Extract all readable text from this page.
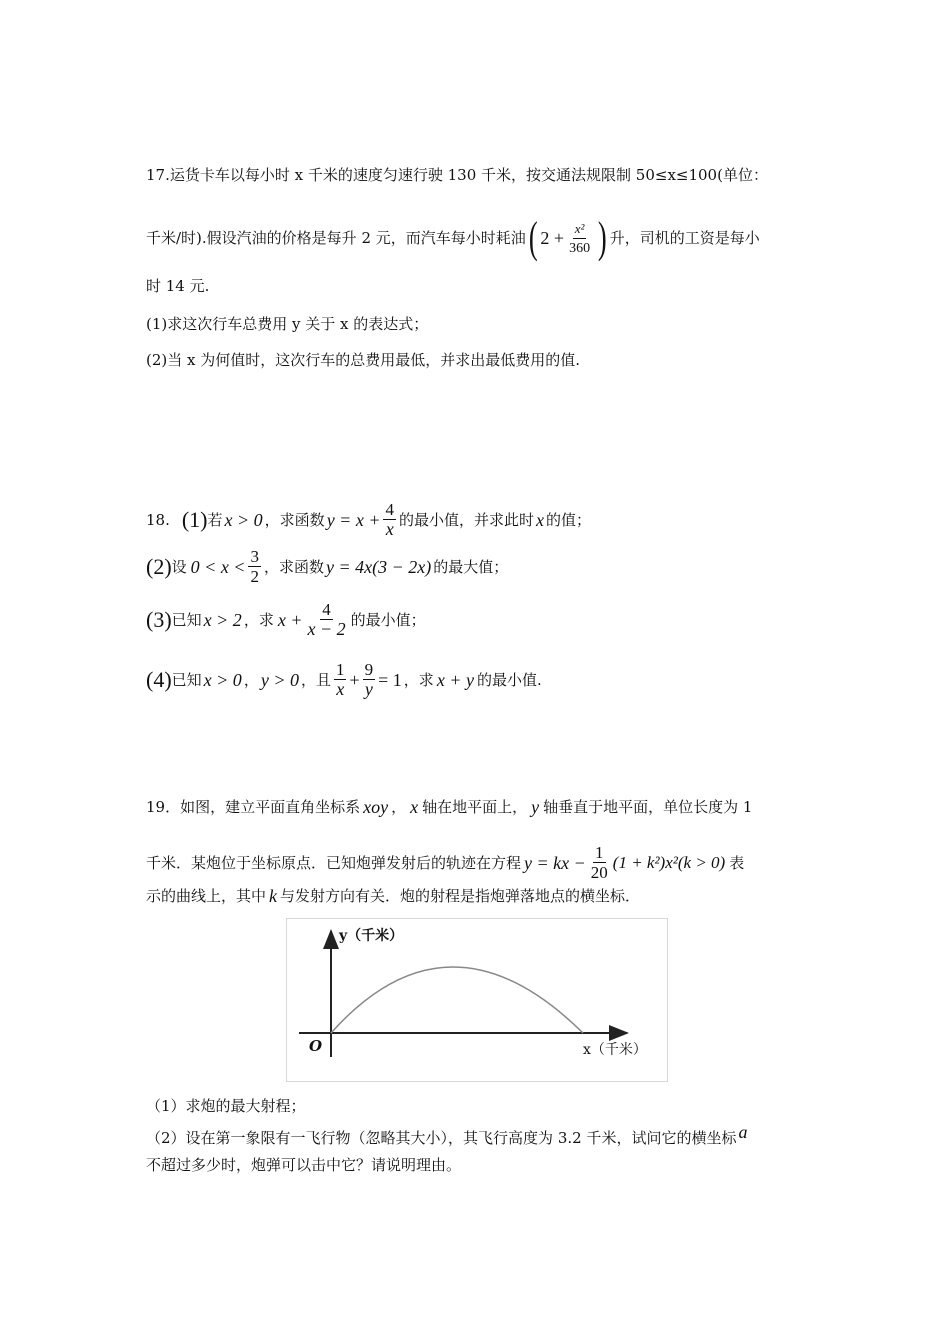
17.运货卡车以每小时 x 千米的速度匀速行驶 130 千米，按交通法规限制 50≤x≤100(单位：
千米/时).假设汽油的价格是每升 2 元，而汽车每小时耗油 ( $2 + \frac{\text{x²}}{360}$ ) 升，司机的工资是每小
时 14 元.
(1)求这次行车总费用 y 关于 x 的表达式；
(2)当 x 为何值时，这次行车的总费用最低，并求出最低费用的值.
18. (1) 若 x > 0 ，求函数 $y = x + \frac{4}{x}$ 的最小值，并求此时 x 的值；
(2) 设 $0 < x < \frac{3}{2}$ ，求函数 y = 4x(3 − 2x) 的最大值；
(3) 已知 x > 2 ，求 $x + \frac{4}{x - 2}$ 的最小值；
(4) 已知 x > 0 ， y > 0 ，且 $\frac{1}{x} + \frac{9}{y} = 1$ ，求 x + y 的最小值.
19．如图，建立平面直角坐标系 xoy ， x 轴在地平面上， y 轴垂直于地平面，单位长度为 1
千米．某炮位于坐标原点．已知炮弹发射后的轨迹在方程 y = kx − $\frac{1}{20} (1 + k^2)x^2(k > 0)$ 表
示的曲线上，其中 k 与发射方向有关．炮的射程是指炮弹落地点的横坐标．
y（千米）
x（千米）
O
（1）求炮的最大射程；
（2）设在第一象限有一飞行物（忽略其大小），其飞行高度为 3.2 千米，试问它的横坐标 a
不超过多少时，炮弹可以击中它？请说明理由。
